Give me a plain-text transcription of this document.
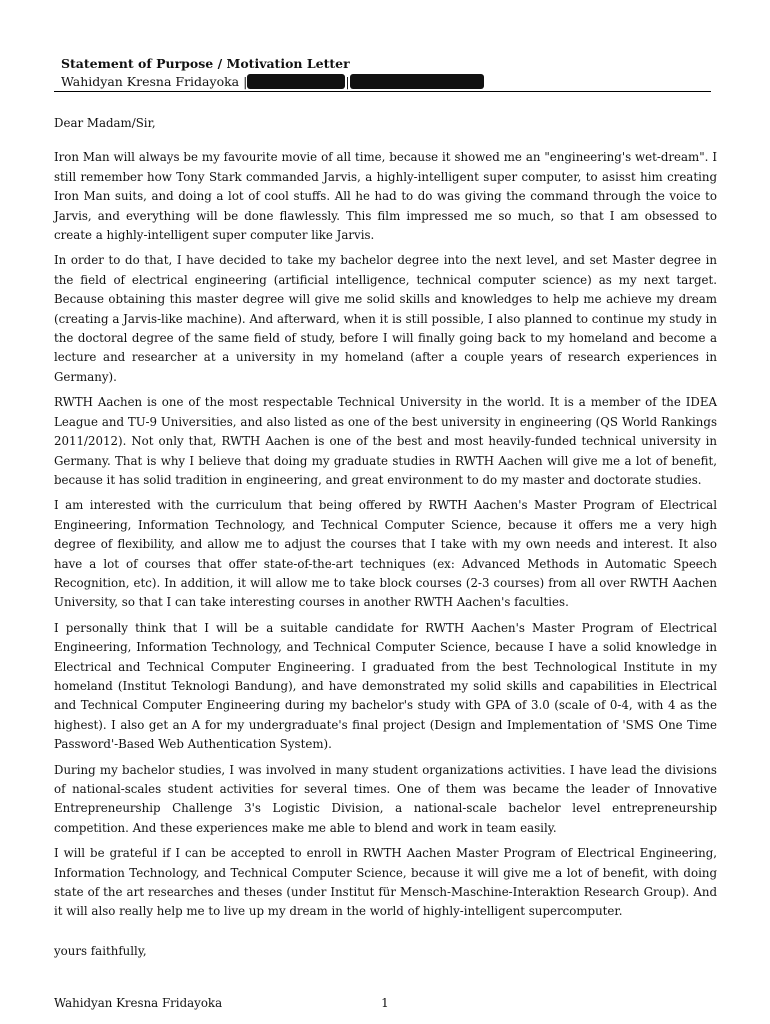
Statement of Purpose / Motivation Letter
Wahidyan Kresna Fridayoka |	|

Dear Madam/Sir,

Iron Man will always be my favourite movie of all time, because it showed me an "engineering's wet-dream". I still remember how Tony Stark commanded Jarvis, a highly-intelligent super computer, to asisst him creating Iron Man suits, and doing a lot of cool stuffs. All he had to do was giving the command through the voice to Jarvis, and everything will be done flawlessly. This film impressed me so much, so that I am obsessed to create a highly-intelligent super computer like Jarvis.

In order to do that, I have decided to take my bachelor degree into the next level, and set Master degree in the field of electrical engineering (artificial intelligence, technical computer science) as my next target. Because obtaining this master degree will give me solid skills and knowledges to help me achieve my dream (creating a Jarvis-like machine). And afterward, when it is still possible, I also planned to continue my study in the doctoral degree of the same field of study, before I will finally going back to my homeland and become a lecture and researcher at a university in my homeland (after a couple years of research experiences in Germany).

RWTH Aachen is one of the most respectable Technical University in the world. It is a member of the IDEA League and TU-9 Universities, and also listed as one of the best university in engineering (QS World Rankings 2011/2012). Not only that, RWTH Aachen is one of the best and most heavily-funded technical university in Germany. That is why I believe that doing my graduate studies in RWTH Aachen will give me a lot of benefit, because it has solid tradition in engineering, and great environment to do my master and doctorate studies.

I am interested with the curriculum that being offered by RWTH Aachen's Master Program of Electrical Engineering, Information Technology, and Technical Computer Science, because it offers me a very high degree of flexibility, and allow me to adjust the courses that I take with my own needs and interest. It also have a lot of courses that offer state-of-the-art techniques (ex: Advanced Methods in Automatic Speech Recognition, etc). In addition, it will allow me to take block courses (2-3 courses) from all over RWTH Aachen University, so that I can take interesting courses in another RWTH Aachen's faculties.

I personally think that I will be a suitable candidate for RWTH Aachen's Master Program of Electrical Engineering, Information Technology, and Technical Computer Science, because I have a solid knowledge in Electrical and Technical Computer Engineering. I graduated from the best Technological Institute in my homeland (Institut Teknologi Bandung), and have demonstrated my solid skills and capabilities in Electrical and Technical Computer Engineering during my bachelor's study with GPA of 3.0 (scale of 0-4, with 4 as the highest). I also get an A for my undergraduate's final project (Design and Implementation of 'SMS One Time Password'-Based Web Authentication System).

During my bachelor studies, I was involved in many student organizations activities. I have lead the divisions of national-scales student activities for several times. One of them was became the leader of Innovative Entrepreneurship Challenge 3's Logistic Division, a national-scale bachelor level entrepreneurship competition. And these experiences make me able to blend and work in team easily.

I will be grateful if I can be accepted to enroll in RWTH Aachen Master Program of Electrical Engineering, Information Technology, and Technical Computer Science, because it will give me a lot of benefit, with doing state of the art researches and theses (under Institut für Mensch-Maschine-Interaktion Research Group). And it will also really help me to live up my dream in the world of highly-intelligent supercomputer.

yours faithfully,

Wahidyan Kresna Fridayoka	1
